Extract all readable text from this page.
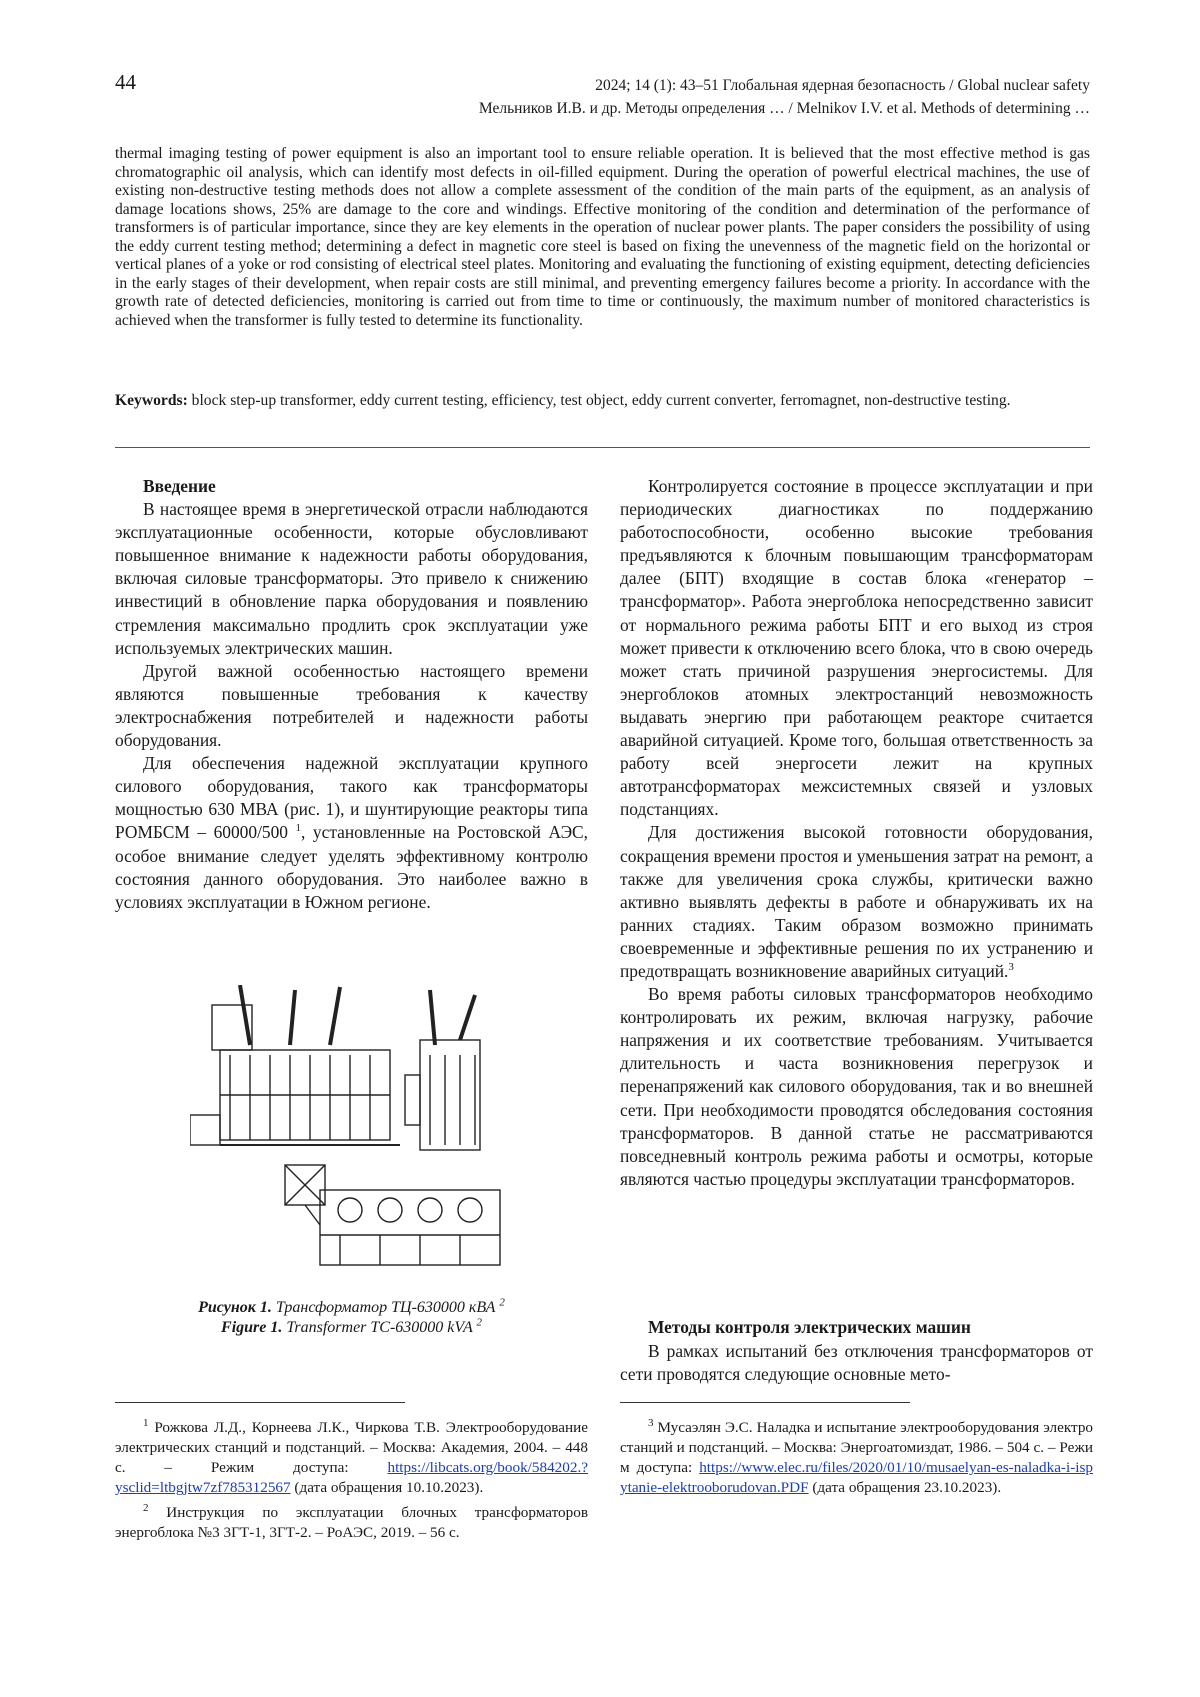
44	2024; 14 (1): 43–51 Глобальная ядерная безопасность / Global nuclear safety
Мельников И.В. и др. Методы определения … / Melnikov I.V. et al. Methods of determining …
thermal imaging testing of power equipment is also an important tool to ensure reliable operation. It is believed that the most effective method is gas chromatographic oil analysis, which can identify most defects in oil-filled equipment. During the operation of powerful electrical machines, the use of existing non-destructive testing methods does not allow a complete assessment of the condition of the main parts of the equipment, as an analysis of damage locations shows, 25% are damage to the core and windings. Effective monitoring of the condition and determination of the performance of transformers is of particular importance, since they are key elements in the operation of nuclear power plants. The paper considers the possibility of using the eddy current testing method; determining a defect in magnetic core steel is based on fixing the unevenness of the magnetic field on the horizontal or vertical planes of a yoke or rod consisting of electrical steel plates. Monitoring and evaluating the functioning of existing equipment, detecting deficiencies in the early stages of their development, when repair costs are still minimal, and preventing emergency failures become a priority. In accordance with the growth rate of detected deficiencies, monitoring is carried out from time to time or continuously, the maximum number of monitored characteristics is achieved when the transformer is fully tested to determine its functionality.
Keywords: block step-up transformer, eddy current testing, efficiency, test object, eddy current converter, ferromagnet, non-destructive testing.

Введение

В настоящее время в энергетической отрасли наблюдаются эксплуатационные особенности, которые обусловливают повышенное внимание к надежности работы оборудования, включая силовые трансформаторы. Это привело к снижению инвестиций в обновление парка оборудования и появлению стремления максимально продлить срок эксплуатации уже используемых электрических машин.

Другой важной особенностью настоящего времени являются повышенные требования к качеству электроснабжения потребителей и надежности работы оборудования.

Для обеспечения надежной эксплуатации крупного силового оборудования, такого как трансформаторы мощностью 630 МВА (рис. 1), и шунтирующие реакторы типа РОМБСМ – 60000/500 1, установленные на Ростовской АЭС, особое внимание следует уделять эффективному контролю состояния данного оборудования. Это наиболее важно в условиях эксплуатации в Южном регионе.

Рисунок 1. Трансформатор ТЦ-630000 кВА 2
Figure 1. Transformer TC-630000 kVA 2

Контролируется состояние в процессе эксплуатации и при периодических диагностиках по поддержанию работоспособности, особенно высокие требования предъявляются к блочным повышающим трансформаторам далее (БПТ) входящие в состав блока «генератор – трансформатор». Работа энергоблока непосредственно зависит от нормального режима работы БПТ и его выход из строя может привести к отключению всего блока, что в свою очередь может стать причиной разрушения энергосистемы. Для энергоблоков атомных электростанций невозможность выдавать энергию при работающем реакторе считается аварийной ситуацией. Кроме того, большая ответственность за работу всей энергосети лежит на крупных автотрансформаторах межсистемных связей и узловых подстанциях.

Для достижения высокой готовности оборудования, сокращения времени простоя и уменьшения затрат на ремонт, а также для увеличения срока службы, критически важно активно выявлять дефекты в работе и обнаруживать их на ранних стадиях. Таким образом возможно принимать своевременные и эффективные решения по их устранению и предотвращать возникновение аварийных ситуаций.3

Во время работы силовых трансформаторов необходимо контролировать их режим, включая нагрузку, рабочие напряжения и их соответствие требованиям. Учитывается длительность и часта возникновения перегрузок и перенапряжений как силового оборудования, так и во внешней сети. При необходимости проводятся обследования состояния трансформаторов. В данной статье не рассматриваются повседневный контроль режима работы и осмотры, которые являются частью процедуры эксплуатации трансформаторов.

Методы контроля электрических машин

В рамках испытаний без отключения трансформаторов от сети проводятся следующие основные мето-

1 Рожкова Л.Д., Корнеева Л.К., Чиркова Т.В. Электрооборудование электрических станций и подстанций. – Москва: Академия, 2004. – 448 с. – Режим доступа:	https://libcats.org/book/584202.?ysclid=ltbgjtw7zf785312567 (дата обращения 10.10.2023).

2 Инструкция по эксплуатации блочных трансформаторов энергоблока №3 3ГТ-1, 3ГТ-2. – РоАЭС, 2019. – 56 с.

3 Мусаэлян Э.С. Наладка и испытание электрооборудования электростанций и подстанций. – Москва: Энергоатомиздат, 1986. – 504 с. – Режим доступа: https://www.elec.ru/files/2020/01/10/musaelyan-es-naladka-i-ispytanie-elektrooborudovan.PDF (дата обращения 23.10.2023).
